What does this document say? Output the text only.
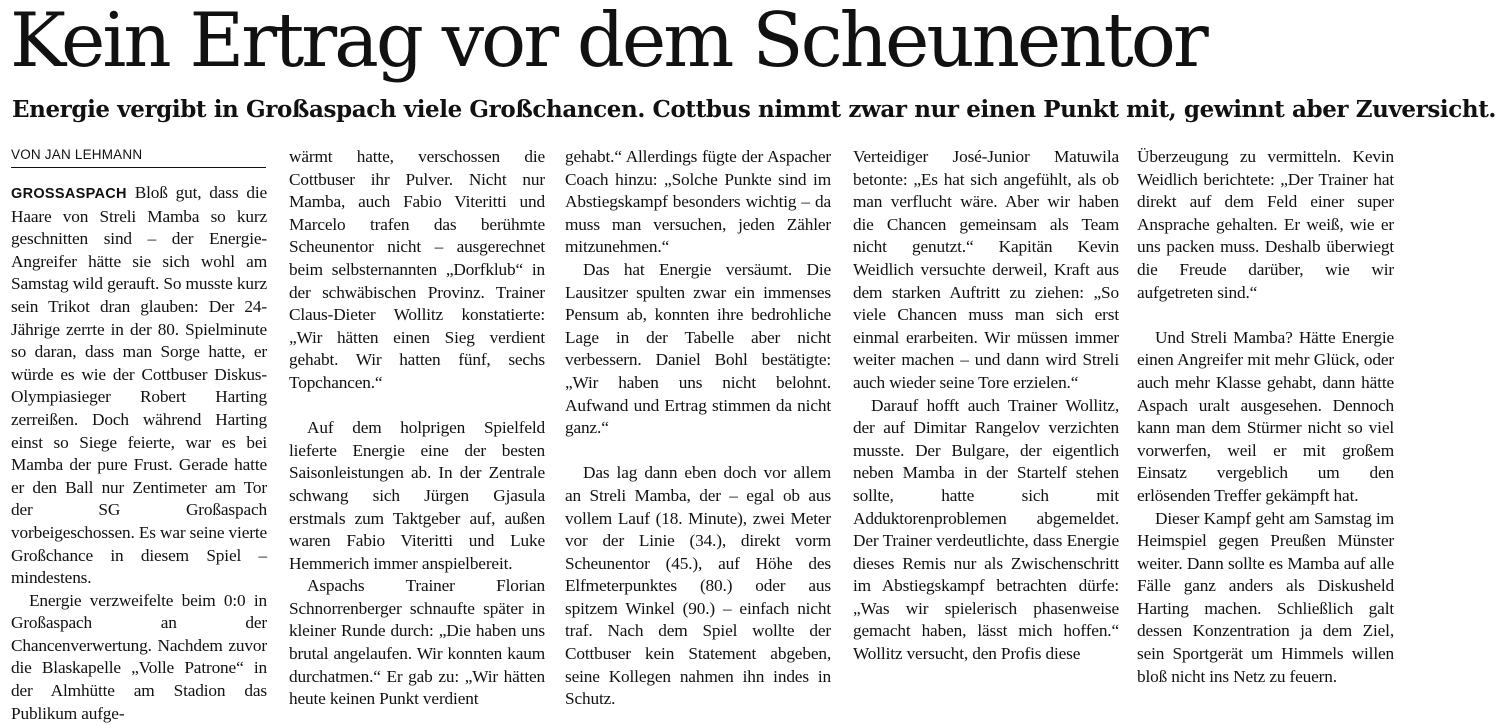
Kein Ertrag vor dem Scheunentor
Energie vergibt in Großaspach viele Großchancen. Cottbus nimmt zwar nur einen Punkt mit, gewinnt aber Zuversicht.
VON JAN LEHMANN

GROSSASPACH Bloß gut, dass die Haare von Streli Mamba so kurz geschnitten sind – der Energie-Angreifer hätte sie sich wohl am Samstag wild gerauft. So musste kurz sein Trikot dran glauben: Der 24-Jährige zerrte in der 80. Spielminute so daran, dass man Sorge hatte, er würde es wie der Cottbuser Diskus-Olympiasieger Robert Harting zerreißen. Doch während Harting einst so Siege feierte, war es bei Mamba der pure Frust. Gerade hatte er den Ball nur Zentimeter am Tor der SG Großaspach vorbeigeschossen. Es war seine vierte Großchance in diesem Spiel – mindestens.

Energie verzweifelte beim 0:0 in Großaspach an der Chancenverwertung. Nachdem zuvor die Blaskapelle „Volle Patrone“ in der Almhütte am Stadion das Publikum aufge-

wärmt hatte, verschossen die Cottbuser ihr Pulver. Nicht nur Mamba, auch Fabio Viteritti und Marcelo trafen das berühmte Scheunentor nicht – ausgerechnet beim selbsternannten „Dorfklub“ in der schwäbischen Provinz. Trainer Claus-Dieter Wollitz konstatierte: „Wir hätten einen Sieg verdient gehabt. Wir hatten fünf, sechs Topchancen.“

Auf dem holprigen Spielfeld lieferte Energie eine der besten Saisonleistungen ab. In der Zentrale schwang sich Jürgen Gjasula erstmals zum Taktgeber auf, außen waren Fabio Viteritti und Luke Hemmerich immer anspielbereit.

Aspachs Trainer Florian Schnorrenberger schnaufte später in kleiner Runde durch: „Die haben uns brutal angelaufen. Wir konnten kaum durchatmen.“ Er gab zu: „Wir hätten heute keinen Punkt verdient

gehabt.“ Allerdings fügte der Aspacher Coach hinzu: „Solche Punkte sind im Abstiegskampf besonders wichtig – da muss man versuchen, jeden Zähler mitzunehmen.“

Das hat Energie versäumt. Die Lausitzer spulten zwar ein immenses Pensum ab, konnten ihre bedrohliche Lage in der Tabelle aber nicht verbessern. Daniel Bohl bestätigte: „Wir haben uns nicht belohnt. Aufwand und Ertrag stimmen da nicht ganz.“

Das lag dann eben doch vor allem an Streli Mamba, der – egal ob aus vollem Lauf (18. Minute), zwei Meter vor der Linie (34.), direkt vorm Scheunentor (45.), auf Höhe des Elfmeterpunktes (80.) oder aus spitzem Winkel (90.) – einfach nicht traf. Nach dem Spiel wollte der Cottbuser kein Statement abgeben, seine Kollegen nahmen ihn indes in Schutz.

Verteidiger José-Junior Matuwila betonte: „Es hat sich angefühlt, als ob man verflucht wäre. Aber wir haben die Chancen gemeinsam als Team nicht genutzt.“ Kapitän Kevin Weidlich versuchte derweil, Kraft aus dem starken Auftritt zu ziehen: „So viele Chancen muss man sich erst einmal erarbeiten. Wir müssen immer weiter machen – und dann wird Streli auch wieder seine Tore erzielen.“

Darauf hofft auch Trainer Wollitz, der auf Dimitar Rangelov verzichten musste. Der Bulgare, der eigentlich neben Mamba in der Startelf stehen sollte, hatte sich mit Adduktorenproblemen abgemeldet. Der Trainer verdeutlichte, dass Energie dieses Remis nur als Zwischenschritt im Abstiegskampf betrachten dürfe: „Was wir spielerisch phasenweise gemacht haben, lässt mich hoffen.“ Wollitz versucht, den Profis diese

Überzeugung zu vermitteln. Kevin Weidlich berichtete: „Der Trainer hat direkt auf dem Feld einer super Ansprache gehalten. Er weiß, wie er uns packen muss. Deshalb überwiegt die Freude darüber, wie wir aufgetreten sind.“

Und Streli Mamba? Hätte Energie einen Angreifer mit mehr Glück, oder auch mehr Klasse gehabt, dann hätte Aspach uralt ausgesehen. Dennoch kann man dem Stürmer nicht so viel vorwerfen, weil er mit großem Einsatz vergeblich um den erlösenden Treffer gekämpft hat.

Dieser Kampf geht am Samstag im Heimspiel gegen Preußen Münster weiter. Dann sollte es Mamba auf alle Fälle ganz anders als Diskusheld Harting machen. Schließlich galt dessen Konzentration ja dem Ziel, sein Sportgerät um Himmels willen bloß nicht ins Netz zu feuern.
